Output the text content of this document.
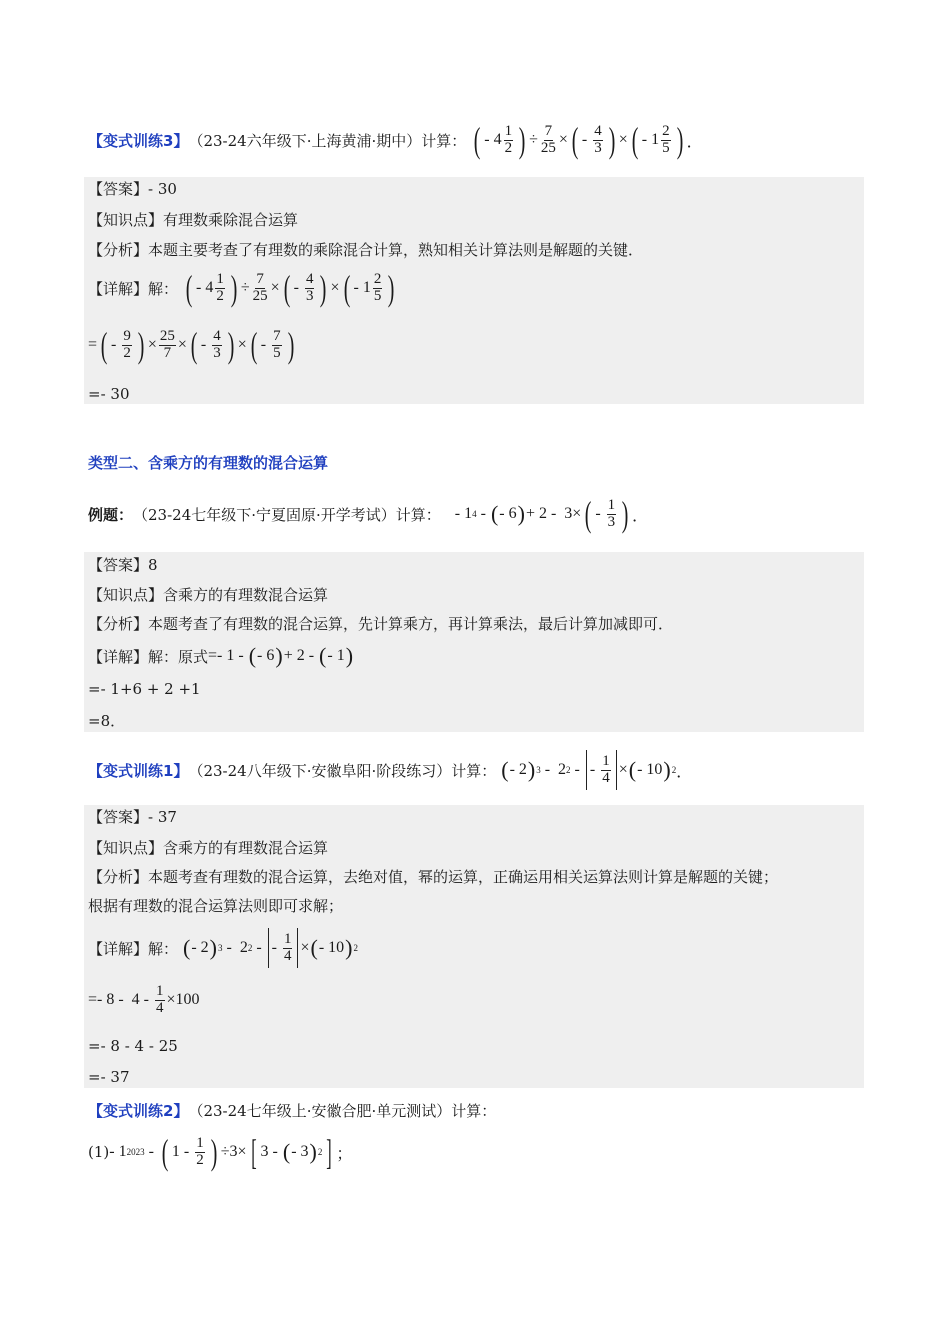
【变式训练3】 （23-24六年级下·上海黄浦·期中）计算： ( - $4 \frac{1}{2}$ ) ÷ $\frac{7}{25}$ × ( - $\frac{4}{3}$ ) × ( - $1 \frac{2}{5}$ ) ．
【答案】- 30
【知识点】有理数乘除混合运算
【分析】本题主要考查了有理数的乘除混合计算，熟知相关计算法则是解题的关键．
【详解】解： ( - $4 \frac{1}{2}$ ) ÷ $\frac{7}{25}$ × ( - $\frac{4}{3}$ ) × ( - $1 \frac{2}{5}$ )
= ( - $\frac{9}{2}$ ) × $\frac{25}{7}$ × ( - $\frac{4}{3}$ ) × ( - $\frac{7}{5}$ )
=- 30
类型二、含乘方的有理数的混合运算
例题： （23-24七年级下·宁夏固原·开学考试）计算： - 1 4 - ( - 6 ) + 2 -  3× ( - $\frac{1}{3}$ ) ．
【答案】8
【知识点】含乘方的有理数混合运算
【分析】本题考查了有理数的混合运算，先计算乘方，再计算乘法，最后计算加减即可．
【详解】解：原式 =- 1 - ( - 6 ) + 2 - ( - 1 )
=- 1+6 + 2 +1
=8．
【变式训练1】 （23-24八年级下·安徽阜阳·阶段练习）计算： ( - 2 ) 3 -  2 2 - - $\frac{1}{4}$ × ( - 10 ) 2 ．
【答案】- 37
【知识点】含乘方的有理数混合运算
【分析】本题考查有理数的混合运算，去绝对值，幂的运算，正确运用相关运算法则计算是解题的关键；
根据有理数的混合运算法则即可求解；
【详解】解： ( - 2 ) 3 -  2 2 - - $\frac{1}{4}$ × ( - 10 ) 2
=- $8 - 4 - \frac{1}{4} \times 100$
=- 8 - 4 - 25
=- 37
【变式训练2】 （23-24七年级上·安徽合肥·单元测试）计算：
(1) - 1 2023 - ( $1 - \frac{1}{2}$ ) ÷3× [ 3 - ( - 3 ) 2 ] ；
